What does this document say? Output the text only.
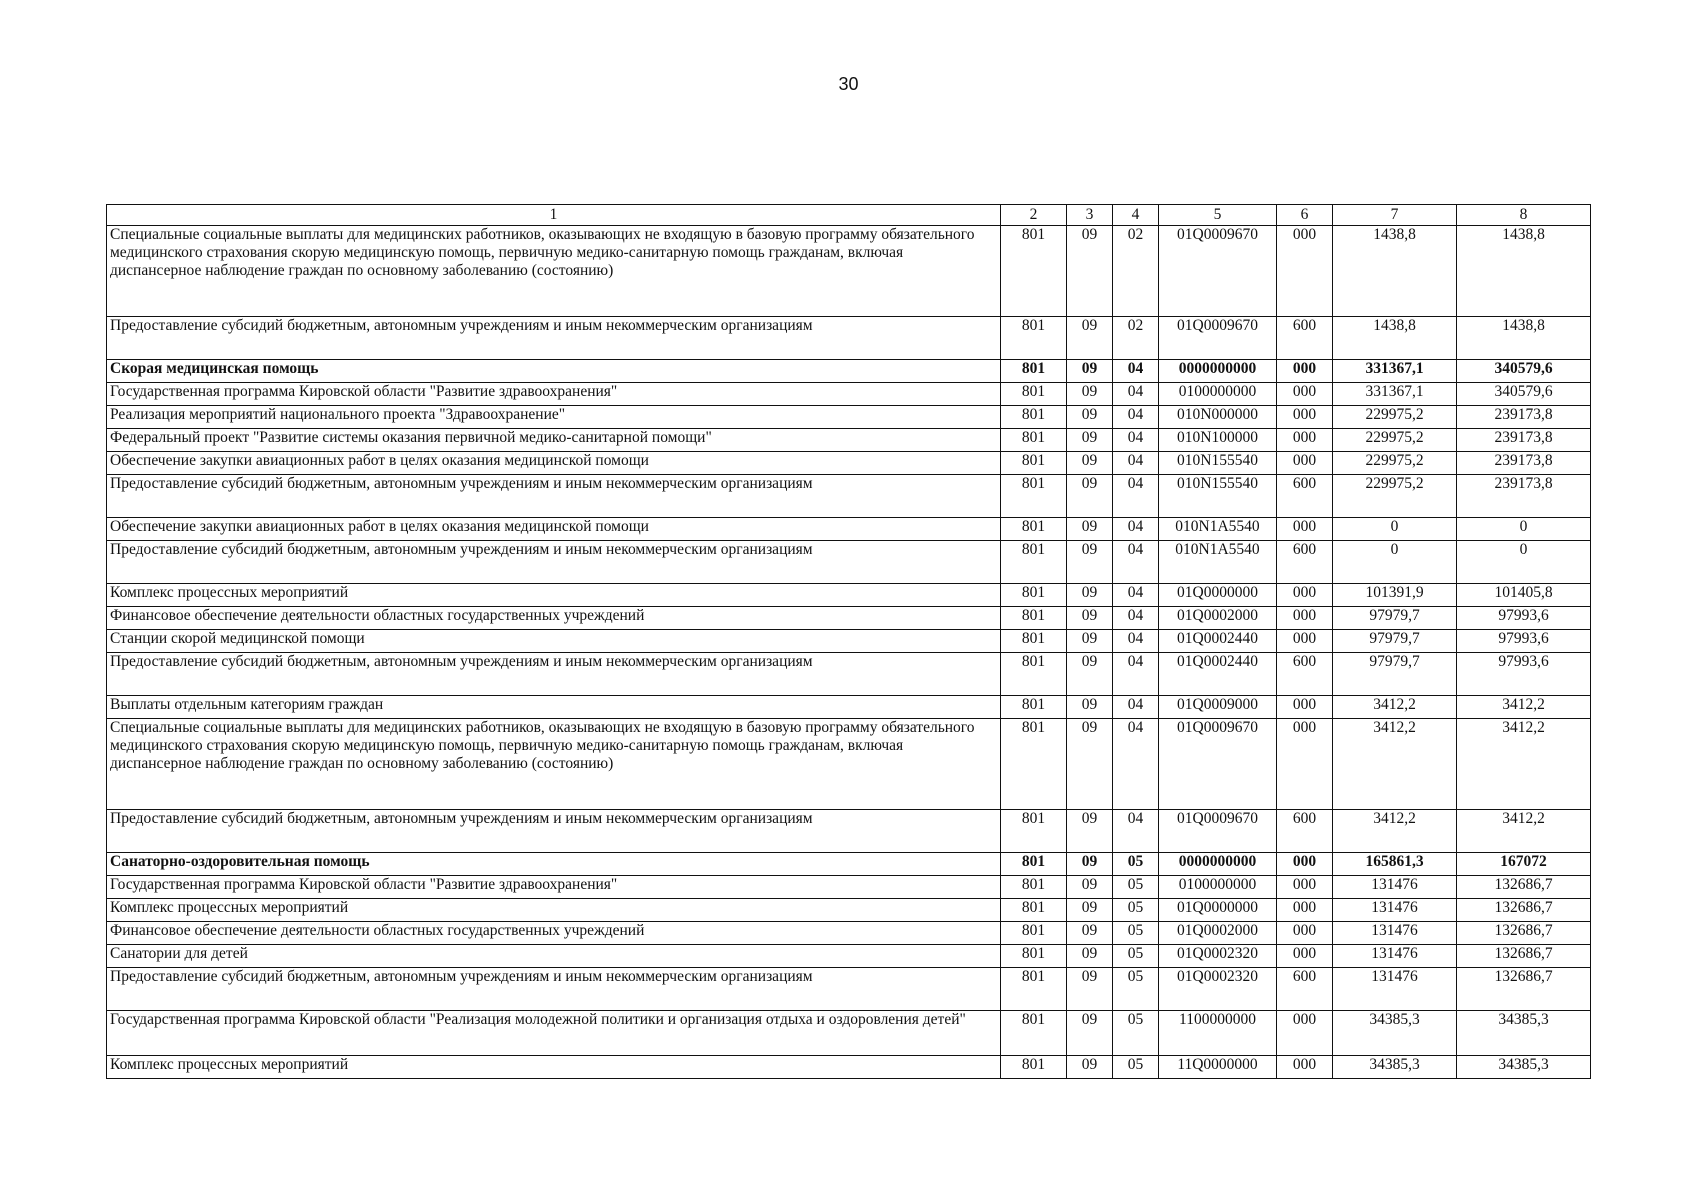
30
1	2	3	4	5	6	7	8
Специальные социальные выплаты для медицинских работников, оказывающих не входящую в базовую программу обязательного медицинского страхования скорую медицинскую помощь, первичную медико-санитарную помощь гражданам, включая диспансерное наблюдение граждан по основному заболеванию (состоянию)	801	09	02	01Q0009670	000	1438,8	1438,8
Предоставление субсидий бюджетным, автономным учреждениям и иным некоммерческим организациям	801	09	02	01Q0009670	600	1438,8	1438,8
Скорая медицинская помощь	801	09	04	0000000000	000	331367,1	340579,6
Государственная программа Кировской области "Развитие здравоохранения"	801	09	04	0100000000	000	331367,1	340579,6
Реализация мероприятий национального проекта "Здравоохранение"	801	09	04	010N000000	000	229975,2	239173,8
Федеральный проект "Развитие системы оказания первичной медико-санитарной помощи"	801	09	04	010N100000	000	229975,2	239173,8
Обеспечение закупки авиационных работ в целях оказания медицинской помощи	801	09	04	010N155540	000	229975,2	239173,8
Предоставление субсидий бюджетным, автономным учреждениям и иным некоммерческим организациям	801	09	04	010N155540	600	229975,2	239173,8
Обеспечение закупки авиационных работ в целях оказания медицинской помощи	801	09	04	010N1A5540	000	0	0
Предоставление субсидий бюджетным, автономным учреждениям и иным некоммерческим организациям	801	09	04	010N1A5540	600	0	0
Комплекс процессных мероприятий	801	09	04	01Q0000000	000	101391,9	101405,8
Финансовое обеспечение деятельности областных государственных учреждений	801	09	04	01Q0002000	000	97979,7	97993,6
Станции скорой медицинской помощи	801	09	04	01Q0002440	000	97979,7	97993,6
Предоставление субсидий бюджетным, автономным учреждениям и иным некоммерческим организациям	801	09	04	01Q0002440	600	97979,7	97993,6
Выплаты отдельным категориям граждан	801	09	04	01Q0009000	000	3412,2	3412,2
Специальные социальные выплаты для медицинских работников, оказывающих не входящую в базовую программу обязательного медицинского страхования скорую медицинскую помощь, первичную медико-санитарную помощь гражданам, включая диспансерное наблюдение граждан по основному заболеванию (состоянию)	801	09	04	01Q0009670	000	3412,2	3412,2
Предоставление субсидий бюджетным, автономным учреждениям и иным некоммерческим организациям	801	09	04	01Q0009670	600	3412,2	3412,2
Санаторно-оздоровительная помощь	801	09	05	0000000000	000	165861,3	167072
Государственная программа Кировской области "Развитие здравоохранения"	801	09	05	0100000000	000	131476	132686,7
Комплекс процессных мероприятий	801	09	05	01Q0000000	000	131476	132686,7
Финансовое обеспечение деятельности областных государственных учреждений	801	09	05	01Q0002000	000	131476	132686,7
Санатории для детей	801	09	05	01Q0002320	000	131476	132686,7
Предоставление субсидий бюджетным, автономным учреждениям и иным некоммерческим организациям	801	09	05	01Q0002320	600	131476	132686,7
Государственная программа Кировской области "Реализация молодежной политики и организация отдыха и оздоровления детей"	801	09	05	1100000000	000	34385,3	34385,3
Комплекс процессных мероприятий	801	09	05	11Q0000000	000	34385,3	34385,3
